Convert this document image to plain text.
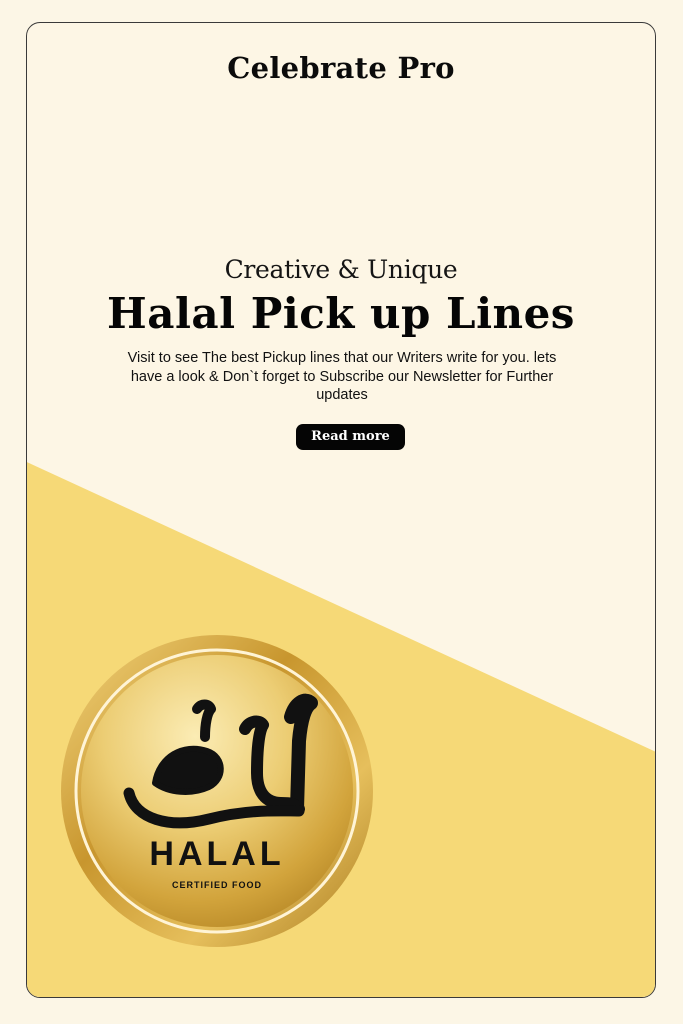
Celebrate Pro
Creative & Unique
Halal Pick up Lines
Visit to see The best Pickup lines that our Writers write for you. lets have a look & Don`t forget to Subscribe our Newsletter for Further updates
Read more
HALAL
CERTIFIED FOOD
